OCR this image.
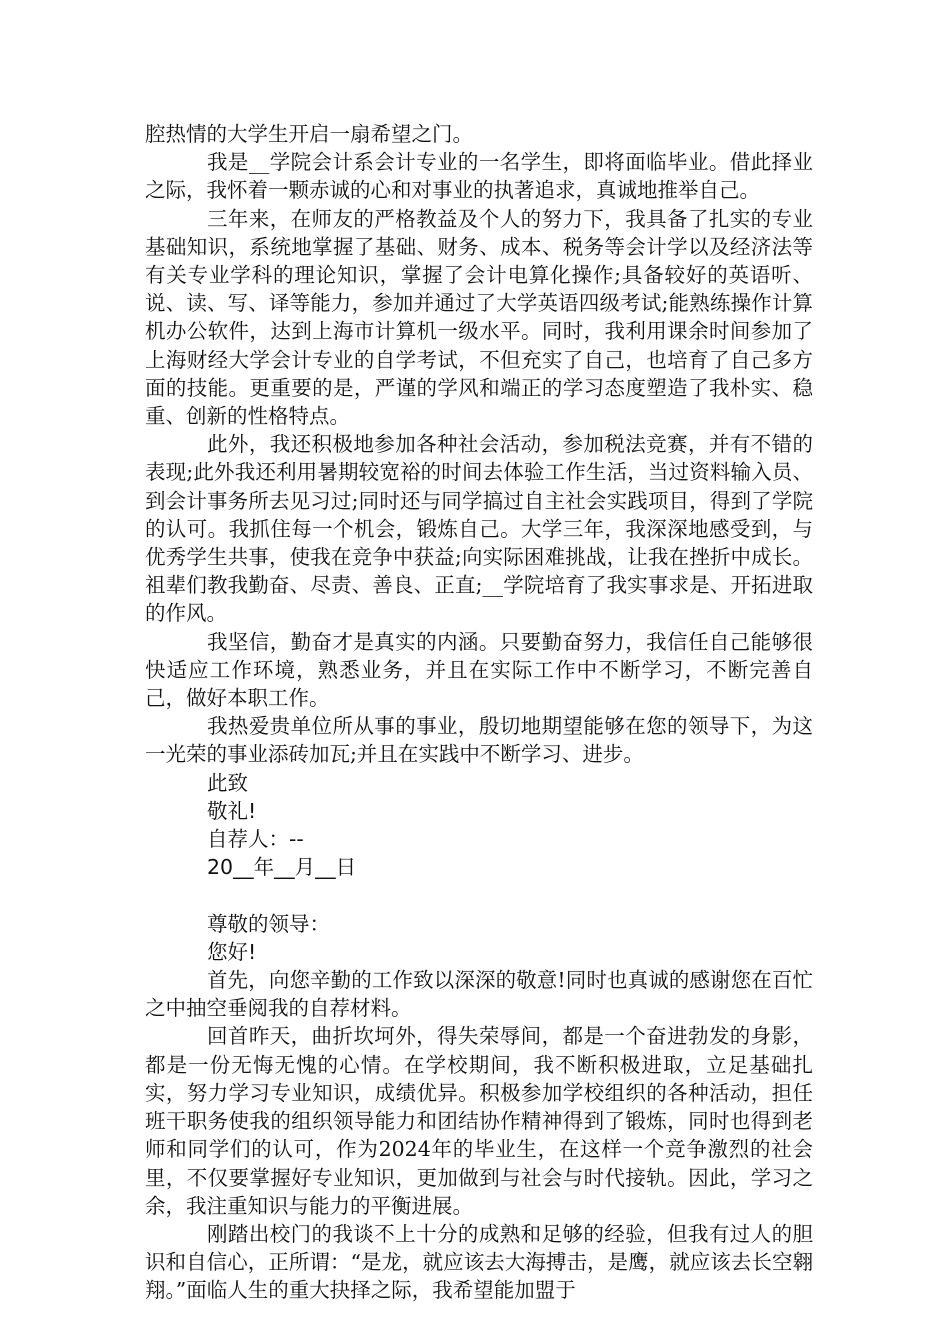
腔热情的大学生开启一扇希望之门。

我是__学院会计系会计专业的一名学生，即将面临毕业。借此择业之际，我怀着一颗赤诚的心和对事业的执著追求，真诚地推举自己。

三年来，在师友的严格教益及个人的努力下，我具备了扎实的专业基础知识，系统地掌握了基础、财务、成本、税务等会计学以及经济法等有关专业学科的理论知识，掌握了会计电算化操作;具备较好的英语听、说、读、写、译等能力，参加并通过了大学英语四级考试;能熟练操作计算机办公软件，达到上海市计算机一级水平。同时，我利用课余时间参加了上海财经大学会计专业的自学考试，不但充实了自己，也培育了自己多方面的技能。更重要的是，严谨的学风和端正的学习态度塑造了我朴实、稳重、创新的性格特点。

此外，我还积极地参加各种社会活动，参加税法竞赛，并有不错的表现;此外我还利用暑期较宽裕的时间去体验工作生活，当过资料输入员、到会计事务所去见习过;同时还与同学搞过自主社会实践项目，得到了学院的认可。我抓住每一个机会，锻炼自己。大学三年，我深深地感受到，与优秀学生共事，使我在竞争中获益;向实际困难挑战，让我在挫折中成长。祖辈们教我勤奋、尽责、善良、正直;__学院培育了我实事求是、开拓进取的作风。

我坚信，勤奋才是真实的内涵。只要勤奋努力，我信任自己能够很快适应工作环境，熟悉业务，并且在实际工作中不断学习，不断完善自己，做好本职工作。

我热爱贵单位所从事的事业，殷切地期望能够在您的领导下，为这一光荣的事业添砖加瓦;并且在实践中不断学习、进步。

此致

敬礼!

自荐人：--

20__年__月__日

尊敬的领导：

您好!

首先，向您辛勤的工作致以深深的敬意!同时也真诚的感谢您在百忙之中抽空垂阅我的自荐材料。

回首昨天，曲折坎坷外，得失荣辱间，都是一个奋进勃发的身影，都是一份无悔无愧的心情。在学校期间，我不断积极进取，立足基础扎实，努力学习专业知识，成绩优异。积极参加学校组织的各种活动，担任班干职务使我的组织领导能力和团结协作精神得到了锻炼，同时也得到老师和同学们的认可，作为2024年的毕业生，在这样一个竞争激烈的社会里，不仅要掌握好专业知识，更加做到与社会与时代接轨。因此，学习之余，我注重知识与能力的平衡进展。

刚踏出校门的我谈不上十分的成熟和足够的经验，但我有过人的胆识和自信心，正所谓：“是龙，就应该去大海搏击，是鹰，就应该去长空翱翔。”面临人生的重大抉择之际，我希望能加盟于
